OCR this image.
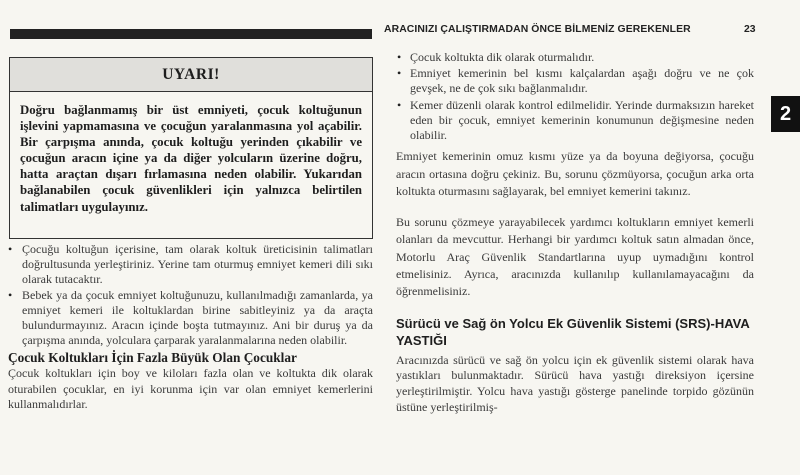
ARACINIZI ÇALIŞTIRMADAN ÖNCE BİLMENİZ GEREKENLER	23
2
UYARI!
Doğru bağlanmamış bir üst emniyeti, çocuk koltuğunun işlevini yapmamasına ve çocuğun yaralanmasına yol açabilir. Bir çarpışma anında, çocuk koltuğu yerinden çıkabilir ve çocuğun aracın içine ya da diğer yolcuların üzerine doğru, hatta araçtan dışarı fırlamasına neden olabilir. Yukarıdan bağlanabilen çocuk güvenlikleri için yalnızca belirtilen talimatları uygulayınız.
• Çocuğu koltuğun içerisine, tam olarak koltuk üreticisinin talimatları doğrultusunda yerleştiriniz. Yerine tam oturmuş emniyet kemeri dili sıkı olarak tutacaktır.
• Bebek ya da çocuk emniyet koltuğunuzu, kullanılmadığı zamanlarda, ya emniyet kemeri ile koltuklardan birine sabitleyiniz ya da araçta bulundurmayınız. Aracın içinde boşta tutmayınız. Ani bir duruş ya da çarpışma anında, yolculara çarparak yaralanmalarına neden olabilir.
Çocuk Koltukları İçin Fazla Büyük Olan Çocuklar

Çocuk koltukları için boy ve kiloları fazla olan ve koltukta dik olarak oturabilen çocuklar, en iyi korunma için var olan emniyet kemerlerini kullanmalıdırlar.

• Çocuk koltukta dik olarak oturmalıdır.
• Emniyet kemerinin bel kısmı kalçalardan aşağı doğru ve ne çok gevşek, ne de çok sıkı bağlanmalıdır.
• Kemer düzenli olarak kontrol edilmelidir. Yerinde durmaksızın hareket eden bir çocuk, emniyet kemerinin konumunun değişmesine neden olabilir.

Emniyet kemerinin omuz kısmı yüze ya da boyuna değiyorsa, çocuğu aracın ortasına doğru çekiniz. Bu, sorunu çözmüyorsa, çocuğun arka orta koltukta oturmasını sağlayarak, bel emniyet kemerini takınız.

Bu sorunu çözmeye yarayabilecek yardımcı koltukların emniyet kemerli olanları da mevcuttur. Herhangi bir yardımcı koltuk satın almadan önce, Motorlu Araç Güvenlik Standartlarına uyup uymadığını kontrol etmelisiniz. Ayrıca, aracınızda kullanılıp kullanılamayacağını da öğrenmelisiniz.

Sürücü ve Sağ ön Yolcu Ek Güvenlik Sistemi (SRS)-HAVA YASTIĞI

Aracınızda sürücü ve sağ ön yolcu için ek güvenlik sistemi olarak hava yastıkları bulunmaktadır. Sürücü hava yastığı direksiyon içersine yerleştirilmiştir. Yolcu hava yastığı gösterge panelinde torpido gözünün üstüne yerleştirilmiş-
